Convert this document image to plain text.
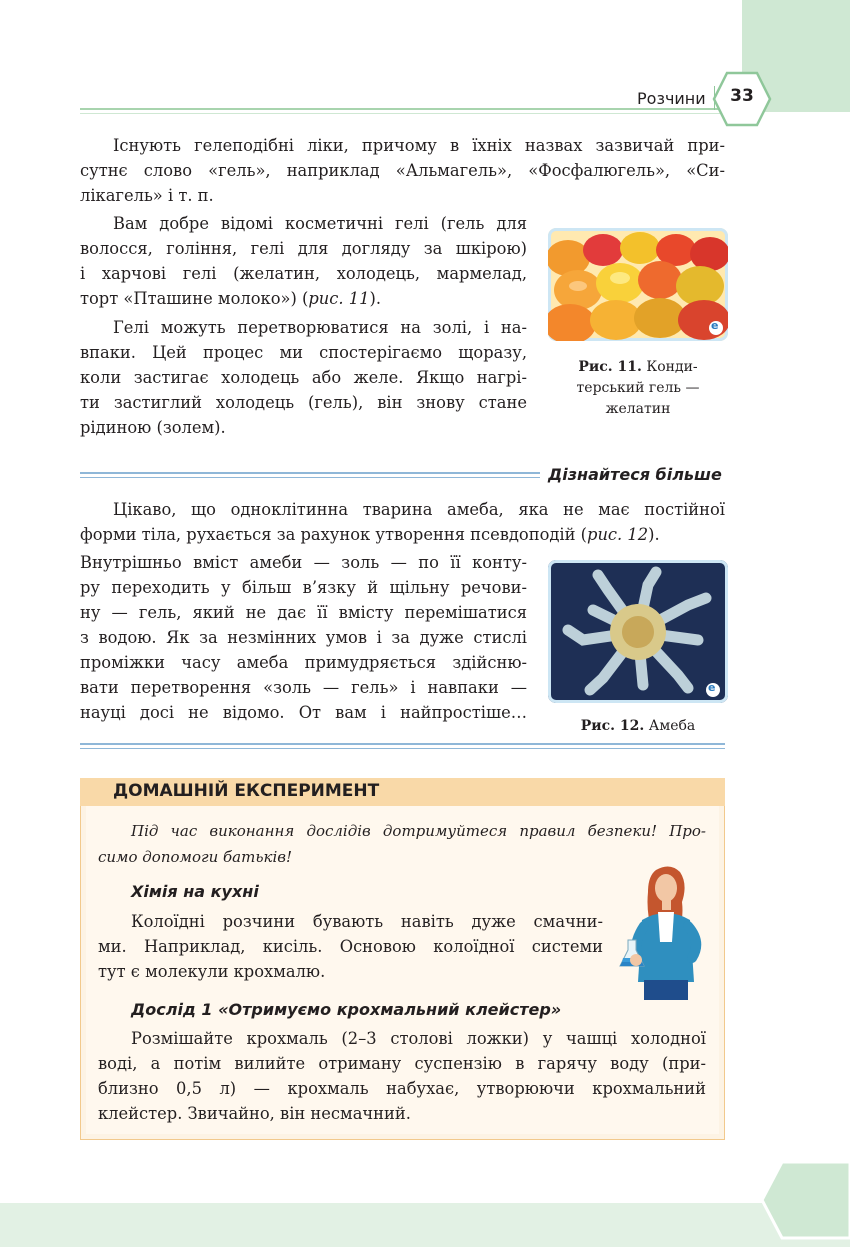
Розчини	33
Існують гелеподібні ліки, причому в їхніх назвах зазвичай при-
сутнє слово «гель», наприклад «Альмагель», «Фосфалюгель», «Си-
лікагель» і т. п.
Вам добре відомі косметичні гелі (гель для
волосся, гоління, гелі для догляду за шкірою)
і харчові гелі (желатин, холодець, мармелад,
торт «Пташине молоко») (рис. 11).
Гелі можуть перетворюватися на золі, і на-
впаки. Цей процес ми спостерігаємо щоразу,
коли застигає холодець або желе. Якщо нагрі-
ти застиглий холодець (гель), він знову стане
рідиною (золем).
e
Рис. 11. Конди-
терський гель —
желатин
Дізнайтеся більше
Цікаво, що одноклітинна тварина амеба, яка не має постійної
форми тіла, рухається за рахунок утворення псевдоподій (рис. 12).
Внутрішньо вміст амеби — золь — по її конту-
ру переходить у більш в’язку й щільну речови-
ну — гель, який не дає її вмісту перемішатися
з водою. Як за незмінних умов і за дуже стислі
проміжки часу амеба примудряється здійсню-
вати перетворення «золь — гель» і навпаки —
науці досі не відомо. От вам і найпростіше…
e
Рис. 12. Амеба
ДОМАШНІЙ ЕКСПЕРИМЕНТ
Під час виконання дослідів дотримуйтеся правил безпеки! Про-
симо допомоги батьків!
Хімія на кухні
Колоїдні розчини бувають навіть дуже смачни-
ми. Наприклад, кисіль. Основою колоїдної системи
тут є молекули крохмалю.
Дослід 1 «Отримуємо крохмальний клейстер»
Розмішайте крохмаль (2–3 столові ложки) у чашці холодної
воді, а потім вилийте отриману суспензію в гарячу воду (при-
близно 0,5 л) — крохмаль набухає, утворюючи крохмальний
клейстер. Звичайно, він несмачний.
